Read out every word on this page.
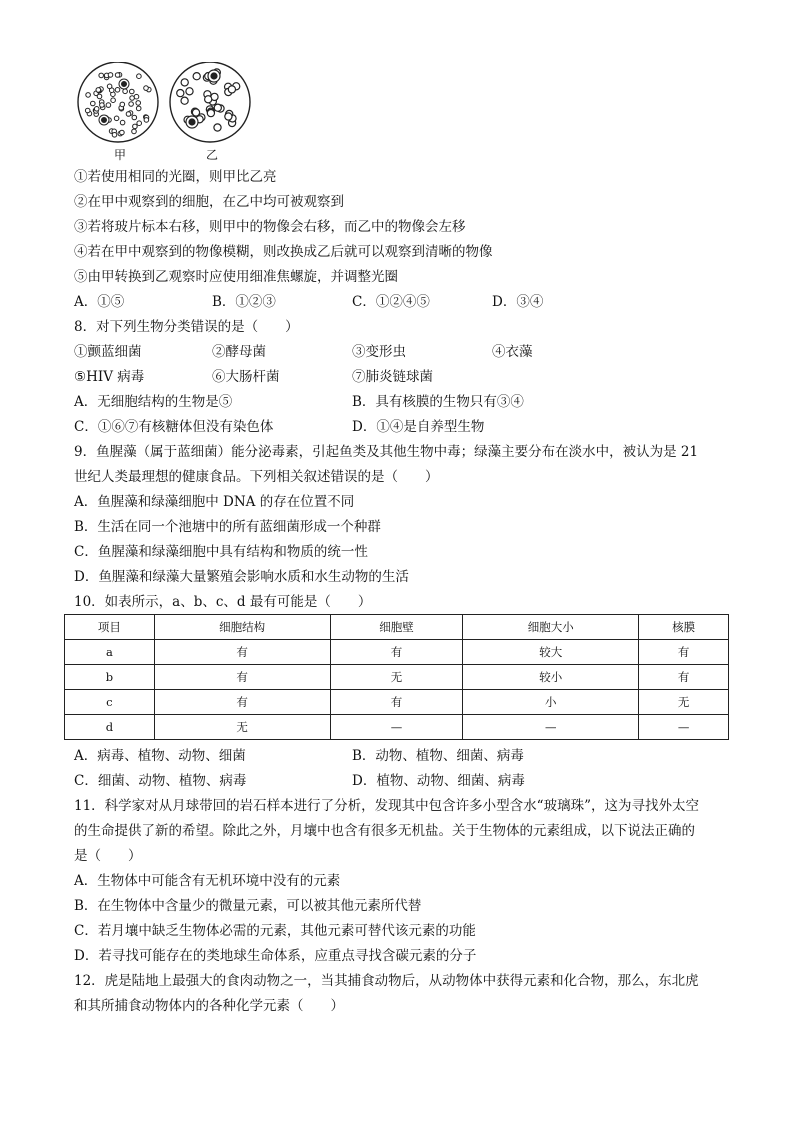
甲	乙
①若使用相同的光圈，则甲比乙亮
②在甲中观察到的细胞，在乙中均可被观察到
③若将玻片标本右移，则甲中的物像会右移，而乙中的物像会左移
④若在甲中观察到的物像模糊，则改换成乙后就可以观察到清晰的物像
⑤由甲转换到乙观察时应使用细准焦螺旋，并调整光圈
A．①⑤	B．①②③	C．①②④⑤	D．③④
8．对下列生物分类错误的是（　　）
①颤蓝细菌	②酵母菌	③变形虫	④衣藻
⑤HIV 病毒	⑥大肠杆菌	⑦肺炎链球菌
A．无细胞结构的生物是⑤	B．具有核膜的生物只有③④
C．①⑥⑦有核糖体但没有染色体	D．①④是自养型生物
9．鱼腥藻（属于蓝细菌）能分泌毒素，引起鱼类及其他生物中毒；绿藻主要分布在淡水中，被认为是 21
世纪人类最理想的健康食品。下列相关叙述错误的是（　　）
A．鱼腥藻和绿藻细胞中 DNA 的存在位置不同
B．生活在同一个池塘中的所有蓝细菌形成一个种群
C．鱼腥藻和绿藻细胞中具有结构和物质的统一性
D．鱼腥藻和绿藻大量繁殖会影响水质和水生动物的生活
10．如表所示，a、b、c、d 最有可能是（　　）
项目	细胞结构	细胞壁	细胞大小	核膜
a	有	有	较大	有
b	有	无	较小	有
c	有	有	小	无
d	无	—	—	—
A．病毒、植物、动物、细菌	B．动物、植物、细菌、病毒
C．细菌、动物、植物、病毒	D．植物、动物、细菌、病毒
11．科学家对从月球带回的岩石样本进行了分析，发现其中包含许多小型含水“玻璃珠”，这为寻找外太空
的生命提供了新的希望。除此之外，月壤中也含有很多无机盐。关于生物体的元素组成，以下说法正确的
是（　　）
A．生物体中可能含有无机环境中没有的元素
B．在生物体中含量少的微量元素，可以被其他元素所代替
C．若月壤中缺乏生物体必需的元素，其他元素可替代该元素的功能
D．若寻找可能存在的类地球生命体系，应重点寻找含碳元素的分子
12．虎是陆地上最强大的食肉动物之一，当其捕食动物后，从动物体中获得元素和化合物，那么，东北虎
和其所捕食动物体内的各种化学元素（　　）
